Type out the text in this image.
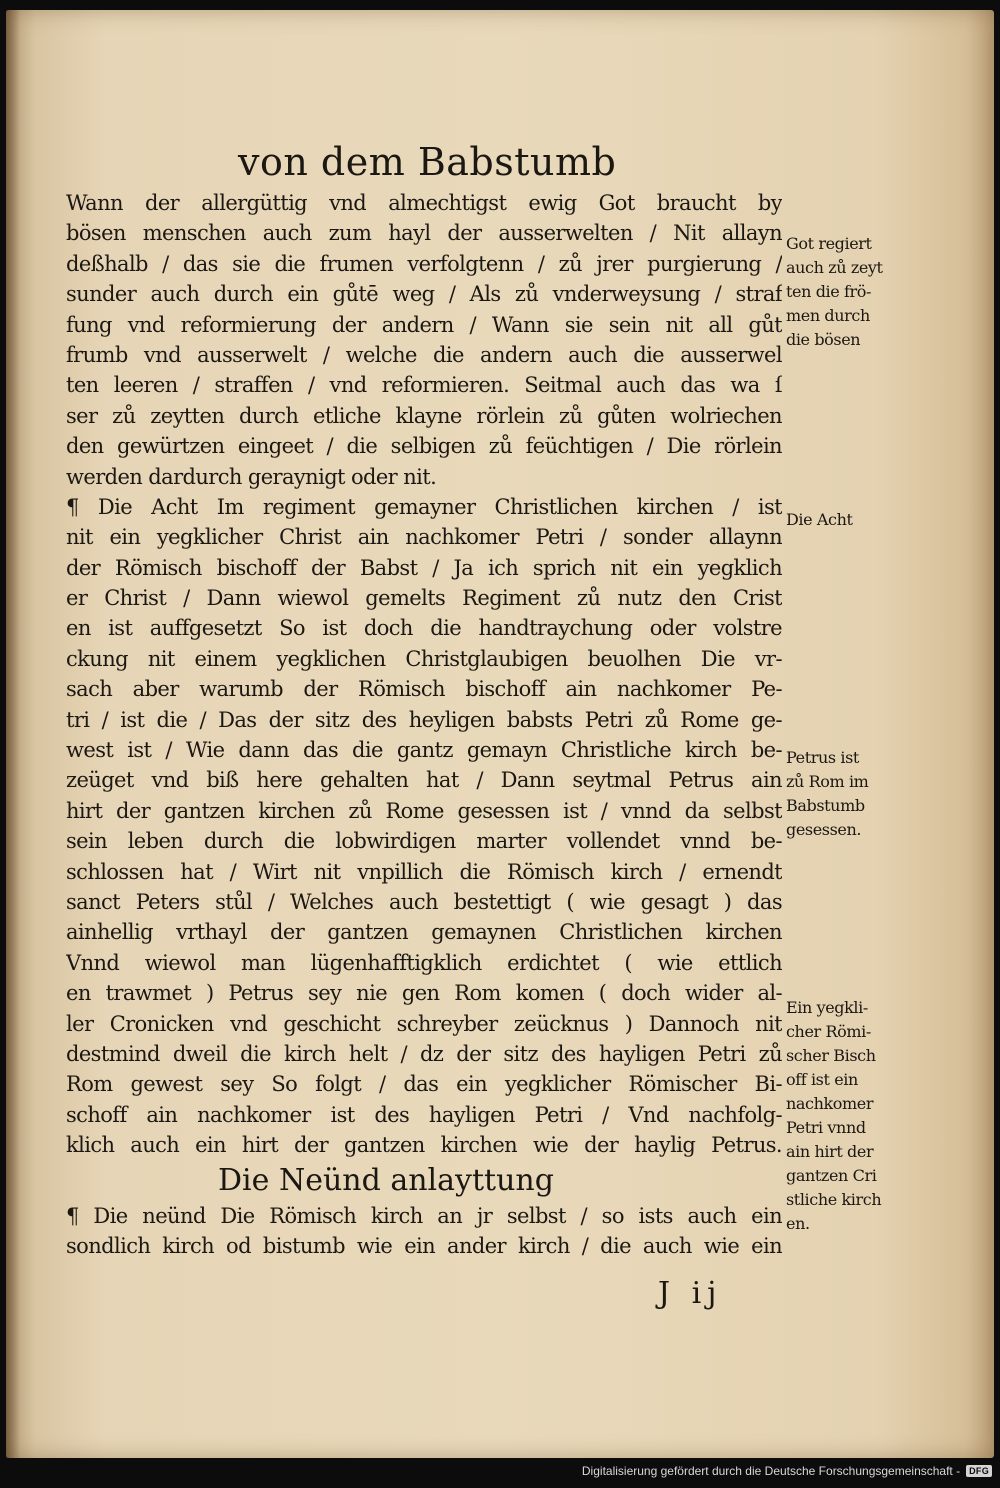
von dem Babstumb
Wann der allergüttig vnd almechtigst ewig Got braucht by
bösen menschen auch zum hayl der ausserwelten / Nit allayn
deßhalb / das sie die frumen verfolgtenn / zů jrer purgierung /
sunder auch durch ein gůtē weg / Als zů vnderweysung / straf
fung vnd reformierung der andern / Wann sie sein nit all gůt
frumb vnd ausserwelt / welche die andern auch die ausserwel
ten leeren / straffen / vnd reformieren. Seitmal auch das wa ſ
ser zů zeytten durch etliche klayne rörlein zů gůten wolriechen
den gewürtzen eingeet / die selbigen zů feüchtigen / Die rörlein
werden dardurch geraynigt oder nit.
¶ Die Acht Im regiment gemayner Christlichen kirchen / ist
nit ein yegklicher Christ ain nachkomer Petri / sonder allaynn
der Römisch bischoff der Babst / Ja ich sprich nit ein yegklich
er Christ / Dann wiewol gemelts Regiment zů nutz den Crist
en ist auffgesetzt So ist doch die handtraychung oder volstre
ckung nit einem yegklichen Christglaubigen beuolhen Die vr-
sach aber warumb der Römisch bischoff ain nachkomer Pe-
tri / ist die / Das der sitz des heyligen babsts Petri zů Rome ge-
west ist / Wie dann das die gantz gemayn Christliche kirch be-
zeüget vnd biß here gehalten hat / Dann seytmal Petrus ain
hirt der gantzen kirchen zů Rome gesessen ist / vnnd da selbst
sein leben durch die lobwirdigen marter vollendet vnnd be-
schlossen hat / Wirt nit vnpillich die Römisch kirch / ernendt
sanct Peters stůl / Welches auch bestettigt ( wie gesagt ) das
ainhellig vrthayl der gantzen gemaynen Christlichen kirchen
Vnnd wiewol man lügenhafftigklich erdichtet ( wie ettlich
en trawmet ) Petrus sey nie gen Rom komen ( doch wider al-
ler Cronicken vnd geschicht schreyber zeücknus ) Dannoch nit
destmind dweil die kirch helt / dz der sitz des hayligen Petri zů
Rom gewest sey So folgt / das ein yegklicher Römischer Bi-
schoff ain nachkomer ist des hayligen Petri / Vnd nachfolg-
klich auch ein hirt der gantzen kirchen wie der haylig Petrus.
Die Neünd anlayttung
¶ Die neünd Die Römisch kirch an jr selbst / so ists auch ein
sondlich kirch od bistumb wie ein ander kirch / die auch wie ein
Got regiert
auch zů zeyt
ten die frö-
men durch
die bösen
Die Acht
Petrus ist
zů Rom im
Babstumb
gesessen.
Ein yegkli-
cher Römi-
scher Bisch
off ist ein
nachkomer
Petri vnnd
ain hirt der
gantzen Cri
stliche kirch
en.
J ij
Digitalisierung gefördert durch die Deutsche Forschungsgemeinschaft -	DFG
